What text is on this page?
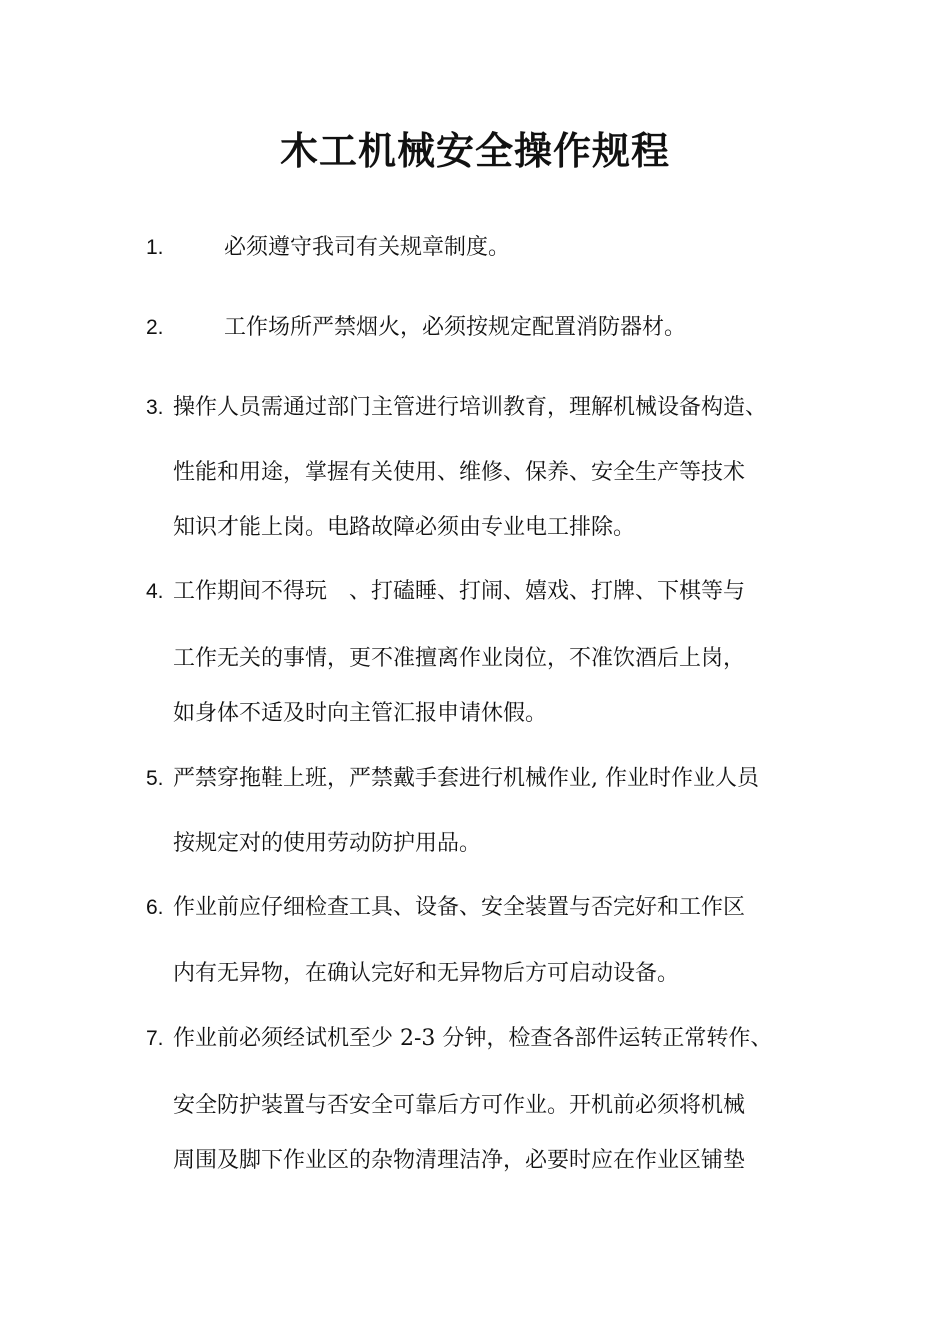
木工机械安全操作规程
1.	必须遵守我司有关规章制度。
2.	工作场所严禁烟火，必须按规定配置消防器材。
3. 操作人员需通过部门主管进行培训教育，理解机械设备构造、
性能和用途，掌握有关使用、维修、保养、安全生产等技术
知识才能上岗。电路故障必须由专业电工排除。
4. 工作期间不得玩　、打磕睡、打闹、嬉戏、打牌、下棋等与
工作无关的事情，更不准擅离作业岗位，不准饮酒后上岗，
如身体不适及时向主管汇报申请休假。
5. 严禁穿拖鞋上班，严禁戴手套进行机械作业, 作业时作业人员
按规定对的使用劳动防护用品。
6. 作业前应仔细检查工具、设备、安全装置与否完好和工作区
内有无异物，在确认完好和无异物后方可启动设备。
7. 作业前必须经试机至少 2-3 分钟，检查各部件运转正常转作、
安全防护装置与否安全可靠后方可作业。开机前必须将机械
周围及脚下作业区的杂物清理洁净，必要时应在作业区铺垫
